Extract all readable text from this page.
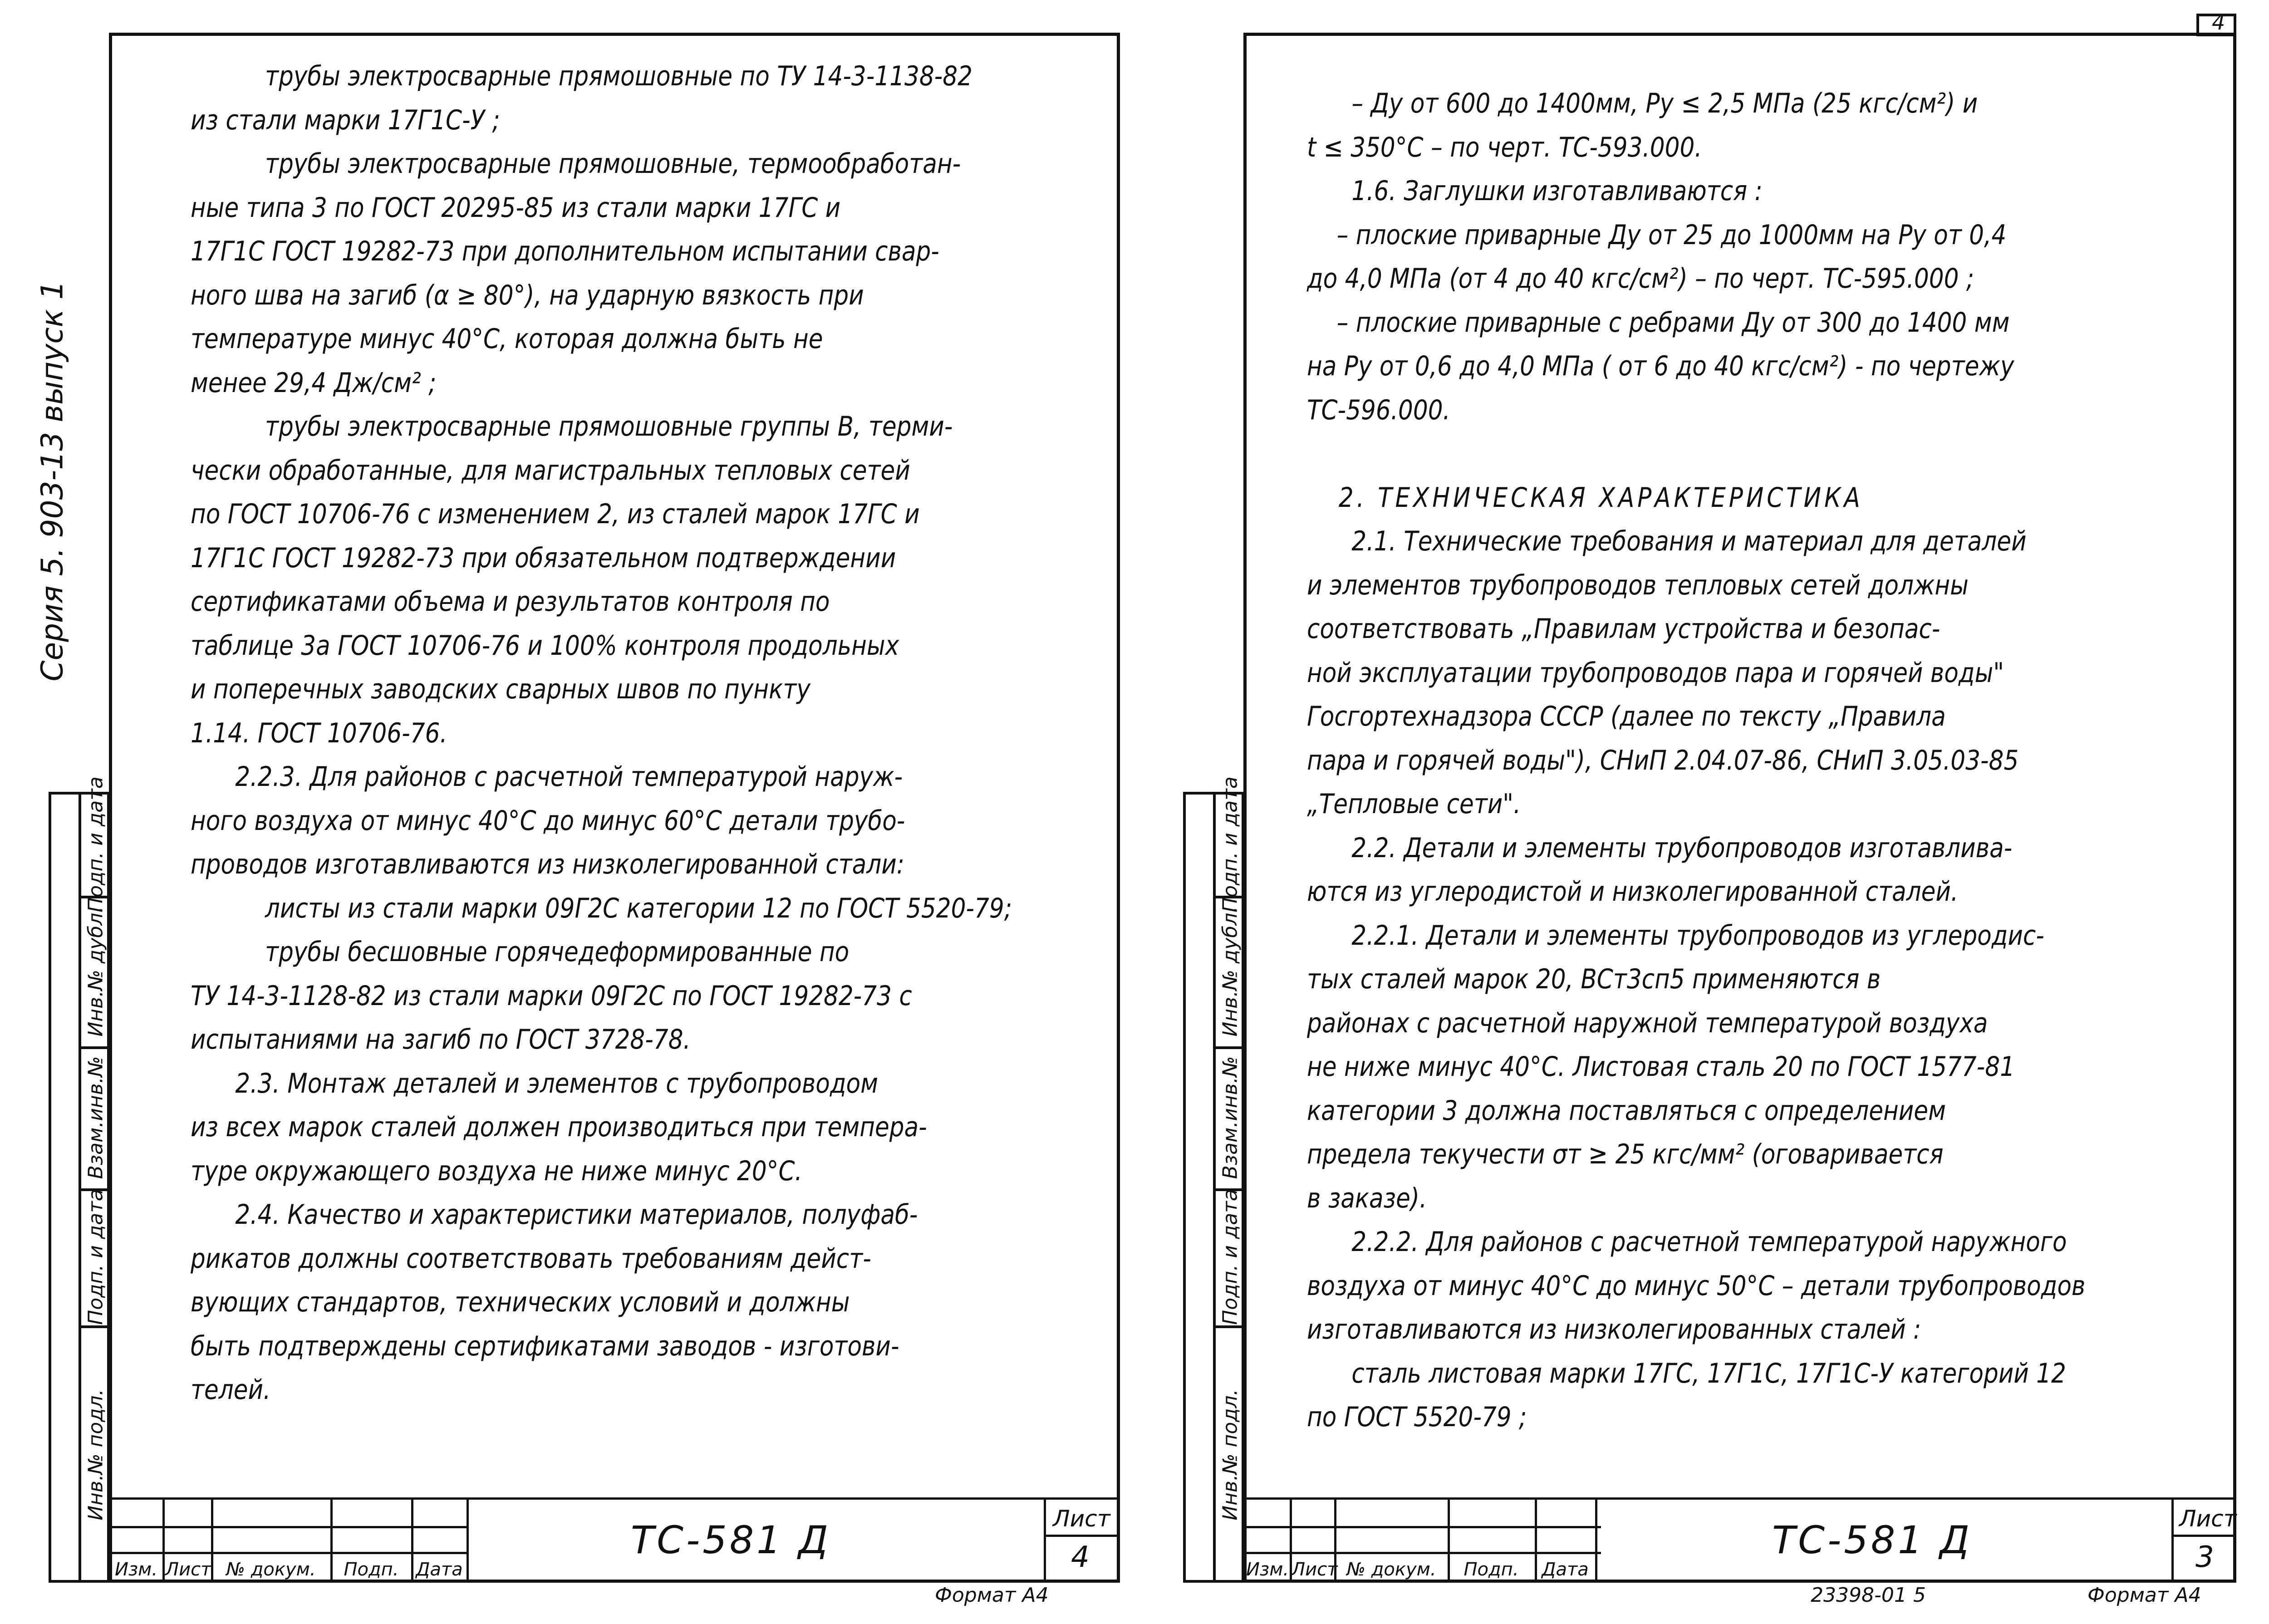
Серия 5. 903-13 выпуск 1
Подп. и дата
Инв.№ дубл.
Взам.инв.№
Подп. и дата
Инв.№ подл.
трубы электросварные прямошовные по ТУ 14-3-1138-82
из стали марки 17Г1С-У ;
трубы электросварные прямошовные, термообработан-
ные типа 3 по ГОСТ 20295-85 из стали марки 17ГС и
17Г1С ГОСТ 19282-73 при дополнительном испытании свар-
ного шва на загиб (α ≥ 80°), на ударную вязкость при
температуре минус 40°С, которая должна быть не
менее 29,4 Дж/см² ;
трубы электросварные прямошовные группы В, терми-
чески обработанные, для магистральных тепловых сетей
по ГОСТ 10706-76 с изменением 2, из сталей марок 17ГС и
17Г1С ГОСТ 19282-73 при обязательном подтверждении
сертификатами объема и результатов контроля по
таблице 3а ГОСТ 10706-76 и 100% контроля продольных
и поперечных заводских сварных швов по пункту
1.14. ГОСТ 10706-76.
2.2.3. Для районов с расчетной температурой наруж-
ного воздуха от минус 40°С до минус 60°С детали трубо-
проводов изготавливаются из низколегированной стали:
листы из стали марки 09Г2С категории 12 по ГОСТ 5520-79;
трубы бесшовные горячедеформированные по
ТУ 14-3-1128-82 из стали марки 09Г2С по ГОСТ 19282-73 с
испытаниями на загиб по ГОСТ 3728-78.
2.3. Монтаж деталей и элементов с трубопроводом
из всех марок сталей должен производиться при темпера-
туре окружающего воздуха не ниже минус 20°С.
2.4. Качество и характеристики материалов, полуфаб-
рикатов должны соответствовать требованиям дейст-
вующих стандартов, технических условий и должны
быть подтверждены сертификатами заводов - изготови-
телей.
Изм. Лист № докум.	Подп. Дата
ТС-581 Д	Лист
4
Формат А4
4
Подп. и дата
Инв.№ дубл.
Взам.инв.№
Подп. и дата
Инв.№ подл.
– Ду от 600 до 1400мм, Ру ≤ 2,5 МПа (25 кгс/см²) и
t ≤ 350°С – по черт. ТС-593.000.
1.6. Заглушки изготавливаются :
– плоские приварные Ду от 25 до 1000мм на Ру от 0,4
до 4,0 МПа (от 4 до 40 кгс/см²) – по черт. ТС-595.000 ;
– плоские приварные с ребрами Ду от 300 до 1400 мм
на Ру от 0,6 до 4,0 МПа ( от 6 до 40 кгс/см²) - по чертежу
ТС-596.000.
2. ТЕХНИЧЕСКАЯ ХАРАКТЕРИСТИКА
2.1. Технические требования и материал для деталей
и элементов трубопроводов тепловых сетей должны
соответствовать „Правилам устройства и безопас-
ной эксплуатации трубопроводов пара и горячей воды"
Госгортехнадзора СССР (далее по тексту „Правила
пара и горячей воды"), СНиП 2.04.07-86, СНиП 3.05.03-85
„Тепловые сети".
2.2. Детали и элементы трубопроводов изготавлива-
ются из углеродистой и низколегированной сталей.
2.2.1. Детали и элементы трубопроводов из углеродис-
тых сталей марок 20, ВСт3сп5 применяются в
районах с расчетной наружной температурой воздуха
не ниже минус 40°С. Листовая сталь 20 по ГОСТ 1577-81
категории 3 должна поставляться с определением
предела текучести σт ≥ 25 кгс/мм² (оговаривается
в заказе).
2.2.2. Для районов с расчетной температурой наружного
воздуха от минус 40°С до минус 50°С – детали трубопроводов
изготавливаются из низколегированных сталей :
сталь листовая марки 17ГС, 17Г1С, 17Г1С-У категорий 12
по ГОСТ 5520-79 ;
Изм. Лист № докум.	Подп.	Дата
ТС-581 Д	Лист
3
23398-01 5	Формат А4
